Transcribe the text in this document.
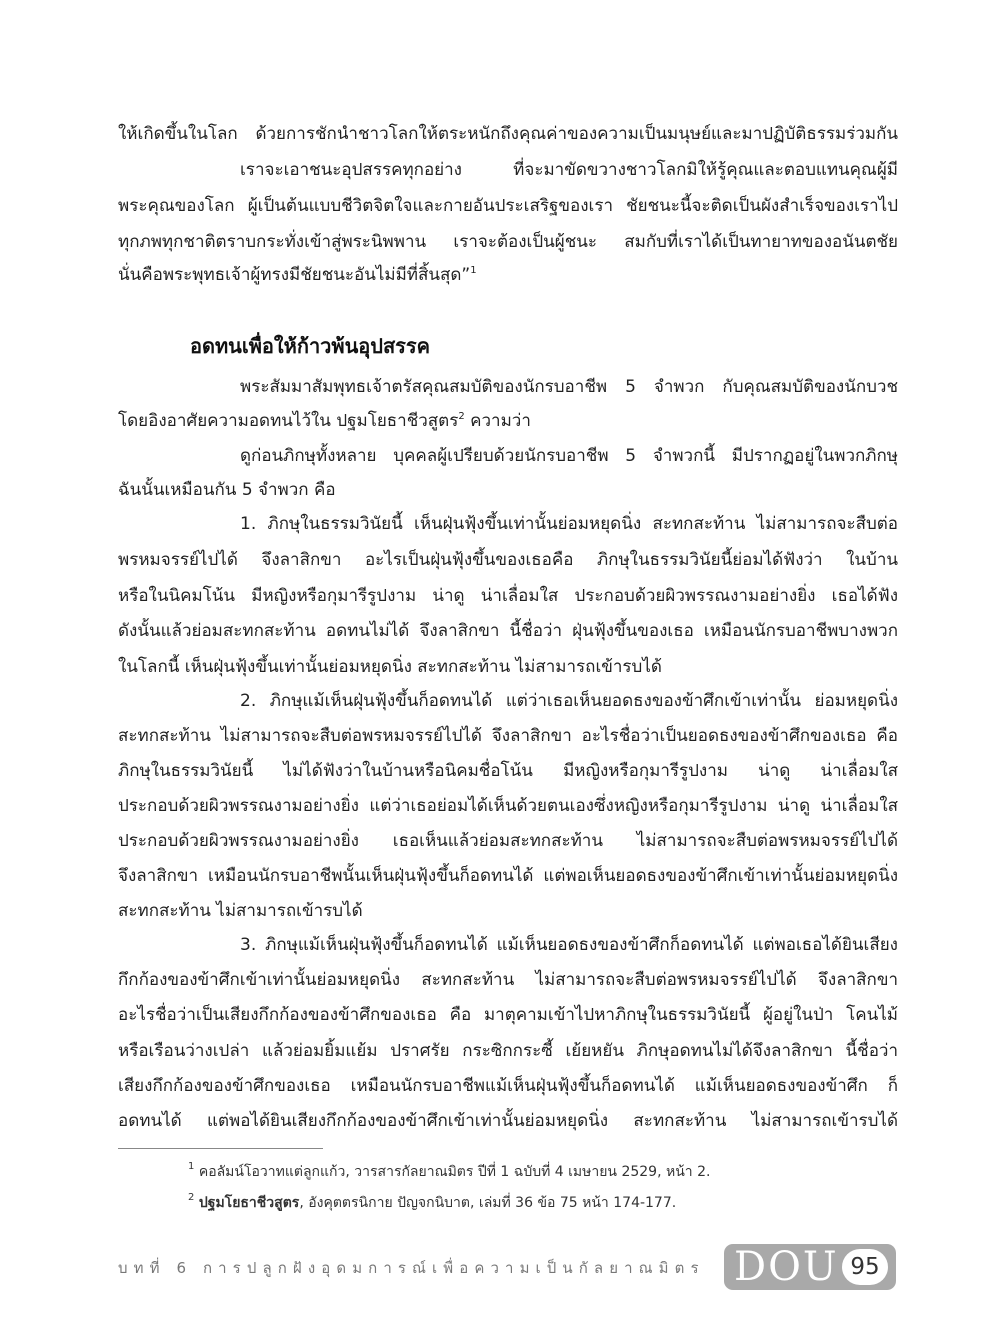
ให้เกิดขึ้นในโลก ด้วยการชักนำชาวโลกให้ตระหนักถึงคุณค่าของความเป็นมนุษย์และมาปฏิบัติธรรมร่วมกัน
เราจะเอาชนะอุปสรรคทุกอย่าง ที่จะมาขัดขวางชาวโลกมิให้รู้คุณและตอบแทนคุณผู้มี
พระคุณของโลก ผู้เป็นต้นแบบชีวิตจิตใจและกายอันประเสริฐของเรา ชัยชนะนี้จะติดเป็นผังสำเร็จของเราไป
ทุกภพทุกชาติตราบกระทั่งเข้าสู่พระนิพพาน เราจะต้องเป็นผู้ชนะ สมกับที่เราได้เป็นทายาทของอนันตชัย
นั่นคือพระพุทธเจ้าผู้ทรงมีชัยชนะอันไม่มีที่สิ้นสุด”$^1$
อดทนเพื่อให้ก้าวพ้นอุปสรรค
พระสัมมาสัมพุทธเจ้าตรัสคุณสมบัติของนักรบอาชีพ 5 จำพวก กับคุณสมบัติของนักบวช
โดยอิงอาศัยความอดทนไว้ใน ปฐมโยธาชีวสูตร$^2$ ความว่า
ดูก่อนภิกษุทั้งหลาย บุคคลผู้เปรียบด้วยนักรบอาชีพ 5 จำพวกนี้ มีปรากฏอยู่ในพวกภิกษุ
ฉันนั้นเหมือนกัน 5 จำพวก คือ
1. ภิกษุในธรรมวินัยนี้ เห็นฝุ่นฟุ้งขึ้นเท่านั้นย่อมหยุดนิ่ง สะทกสะท้าน ไม่สามารถจะสืบต่อ
พรหมจรรย์ไปได้ จึงลาสิกขา อะไรเป็นฝุ่นฟุ้งขึ้นของเธอคือ ภิกษุในธรรมวินัยนี้ย่อมได้ฟังว่า ในบ้าน
หรือในนิคมโน้น มีหญิงหรือกุมารีรูปงาม น่าดู น่าเลื่อมใส ประกอบด้วยผิวพรรณงามอย่างยิ่ง เธอได้ฟัง
ดังนั้นแล้วย่อมสะทกสะท้าน อดทนไม่ได้ จึงลาสิกขา นี้ชื่อว่า ฝุ่นฟุ้งขึ้นของเธอ เหมือนนักรบอาชีพบางพวก
ในโลกนี้ เห็นฝุ่นฟุ้งขึ้นเท่านั้นย่อมหยุดนิ่ง สะทกสะท้าน ไม่สามารถเข้ารบได้
2. ภิกษุแม้เห็นฝุ่นฟุ้งขึ้นก็อดทนได้ แต่ว่าเธอเห็นยอดธงของข้าศึกเข้าเท่านั้น ย่อมหยุดนิ่ง
สะทกสะท้าน ไม่สามารถจะสืบต่อพรหมจรรย์ไปได้ จึงลาสิกขา อะไรชื่อว่าเป็นยอดธงของข้าศึกของเธอ คือ
ภิกษุในธรรมวินัยนี้ ไม่ได้ฟังว่าในบ้านหรือนิคมชื่อโน้น มีหญิงหรือกุมารีรูปงาม น่าดู น่าเลื่อมใส
ประกอบด้วยผิวพรรณงามอย่างยิ่ง แต่ว่าเธอย่อมได้เห็นด้วยตนเองซึ่งหญิงหรือกุมารีรูปงาม น่าดู น่าเลื่อมใส
ประกอบด้วยผิวพรรณงามอย่างยิ่ง เธอเห็นแล้วย่อมสะทกสะท้าน ไม่สามารถจะสืบต่อพรหมจรรย์ไปได้
จึงลาสิกขา เหมือนนักรบอาชีพนั้นเห็นฝุ่นฟุ้งขึ้นก็อดทนได้ แต่พอเห็นยอดธงของข้าศึกเข้าเท่านั้นย่อมหยุดนิ่ง
สะทกสะท้าน ไม่สามารถเข้ารบได้
3. ภิกษุแม้เห็นฝุ่นฟุ้งขึ้นก็อดทนได้ แม้เห็นยอดธงของข้าศึกก็อดทนได้ แต่พอเธอได้ยินเสียง
กึกก้องของข้าศึกเข้าเท่านั้นย่อมหยุดนิ่ง สะทกสะท้าน ไม่สามารถจะสืบต่อพรหมจรรย์ไปได้ จึงลาสิกขา
อะไรชื่อว่าเป็นเสียงกึกก้องของข้าศึกของเธอ คือ มาตุคามเข้าไปหาภิกษุในธรรมวินัยนี้ ผู้อยู่ในป่า โคนไม้
หรือเรือนว่างเปล่า แล้วย่อมยิ้มแย้ม ปราศรัย กระซิกกระซี้ เย้ยหยัน ภิกษุอดทนไม่ได้จึงลาสิกขา นี้ชื่อว่า
เสียงกึกก้องของข้าศึกของเธอ เหมือนนักรบอาชีพแม้เห็นฝุ่นฟุ้งขึ้นก็อดทนได้ แม้เห็นยอดธงของข้าศึก ก็
อดทนได้ แต่พอได้ยินเสียงกึกก้องของข้าศึกเข้าเท่านั้นย่อมหยุดนิ่ง สะทกสะท้าน ไม่สามารถเข้ารบได้
$^1$ คอลัมน์โอวาทแต่ลูกแก้ว, วารสารกัลยาณมิตร ปีที่ 1 ฉบับที่ 4 เมษายน 2529, หน้า 2.
$^2$ ปฐมโยธาชีวสูตร, อังคุตตรนิกาย ปัญจกนิบาต, เล่มที่ 36 ข้อ 75 หน้า 174-177.
บทที่ 6 การปลูกฝังอุดมการณ์เพื่อความเป็นกัลยาณมิตร DOU 95
